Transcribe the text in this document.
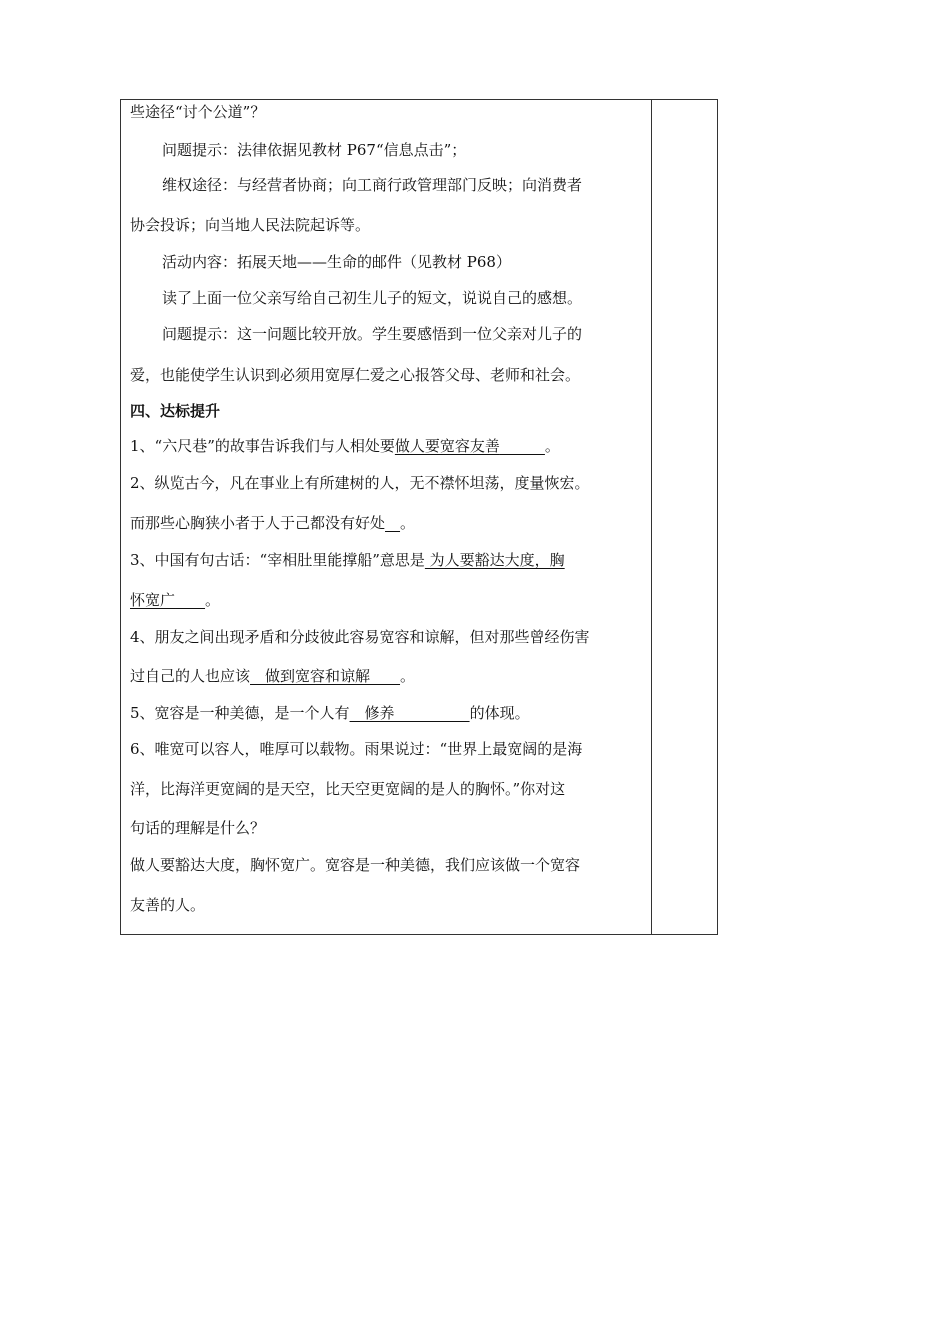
些途径“讨个公道”？
问题提示：法律依据见教材 P67“信息点击”；
维权途径：与经营者协商；向工商行政管理部门反映；向消费者
协会投诉；向当地人民法院起诉等。
活动内容：拓展天地——生命的邮件（见教材 P68）
读了上面一位父亲写给自己初生儿子的短文，说说自己的感想。
问题提示：这一问题比较开放。学生要感悟到一位父亲对儿子的
爱，也能使学生认识到必须用宽厚仁爱之心报答父母、老师和社会。
四、达标提升
1、“六尺巷”的故事告诉我们与人相处要做人要宽容友善　　　	。
2、纵览古今，凡在事业上有所建树的人，无不襟怀坦荡，度量恢宏。
而那些心胸狭小者于人于己都没有好处　 。
3、中国有句古话：“宰相肚里能撑船”意思是 为人要豁达大度，胸
怀宽广　　 。
4、朋友之间出现矛盾和分歧彼此容易宽容和谅解，但对那些曾经伤害
过自己的人也应该　做到宽容和谅解　　。
5、宽容是一种美德，是一个人有　修养　　　　　的体现。
6、唯宽可以容人，唯厚可以载物。雨果说过：“世界上最宽阔的是海
洋，比海洋更宽阔的是天空，比天空更宽阔的是人的胸怀。”你对这
句话的理解是什么？
做人要豁达大度，胸怀宽广。宽容是一种美德，我们应该做一个宽容
友善的人。
